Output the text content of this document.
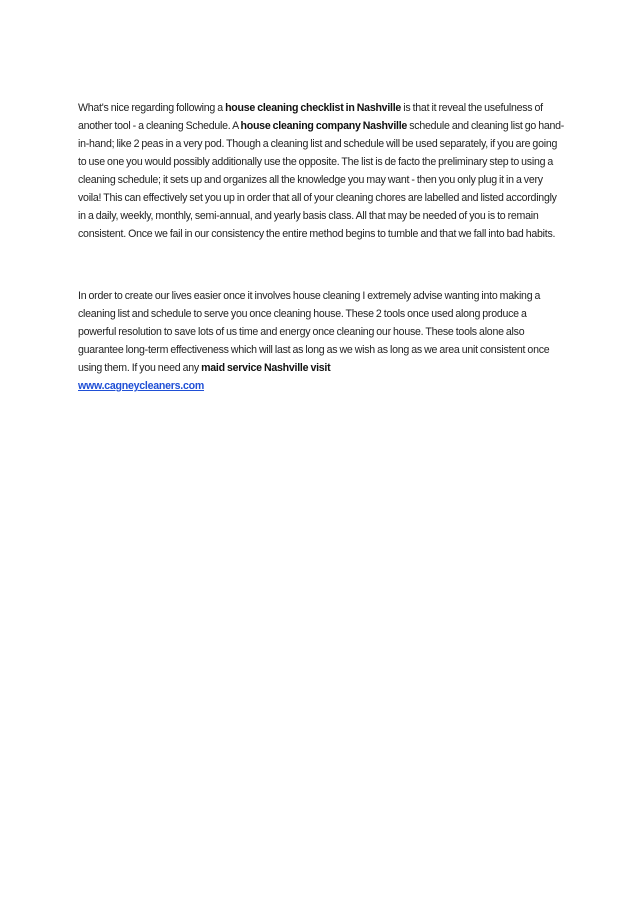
What's nice regarding following a house cleaning checklist in Nashville is that it reveal the usefulness of another tool - a cleaning Schedule. A house cleaning company Nashville schedule and cleaning list go hand-in-hand; like 2 peas in a very pod. Though a cleaning list and schedule will be used separately, if you are going to use one you would possibly additionally use the opposite. The list is de facto the preliminary step to using a cleaning schedule; it sets up and organizes all the knowledge you may want - then you only plug it in a very voila! This can effectively set you up in order that all of your cleaning chores are labelled and listed accordingly in a daily, weekly, monthly, semi-annual, and yearly basis class. All that may be needed of you is to remain consistent. Once we fail in our consistency the entire method begins to tumble and that we fall into bad habits.

In order to create our lives easier once it involves house cleaning I extremely advise wanting into making a cleaning list and schedule to serve you once cleaning house. These 2 tools once used along produce a powerful resolution to save lots of us time and energy once cleaning our house. These tools alone also guarantee long-term effectiveness which will last as long as we wish as long as we area unit consistent once using them. If you need any maid service Nashville visit
www.cagneycleaners.com
